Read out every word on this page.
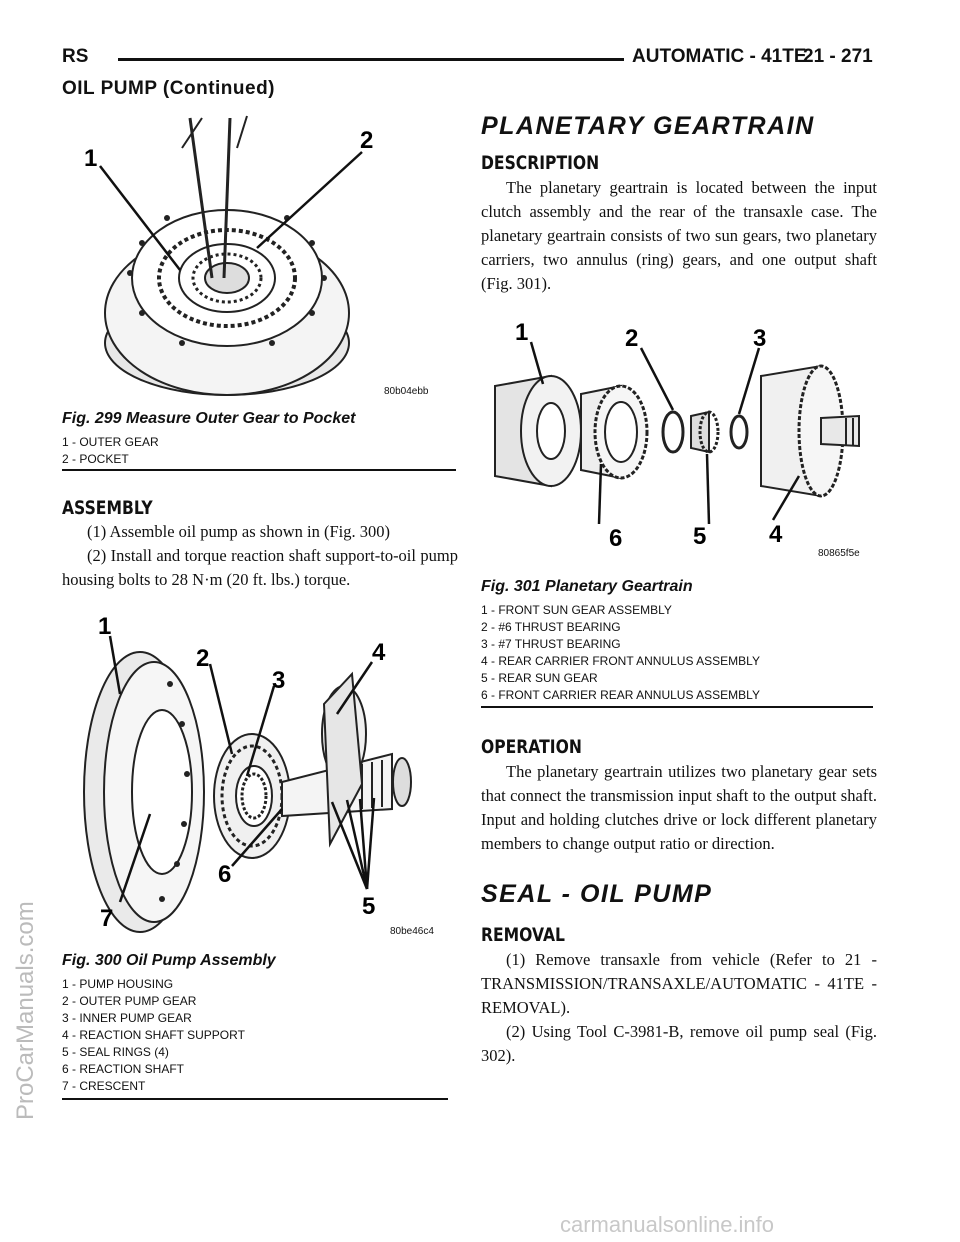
RS	AUTOMATIC - 41TE
21 - 271
OIL PUMP (Continued)
ProCarManuals.com
1
2
80b04ebb
Fig. 299 Measure Outer Gear to Pocket
1 - OUTER GEAR
2 - POCKET
ASSEMBLY

(1) Assemble oil pump as shown in (Fig. 300)

(2) Install and torque reaction shaft support-to-oil pump housing bolts to 28 N·m (20 ft. lbs.) torque.

1
2
3
4
5
6
7	80be46c4
Fig. 300 Oil Pump Assembly
1 - PUMP HOUSING
2 - OUTER PUMP GEAR
3 - INNER PUMP GEAR
4 - REACTION SHAFT SUPPORT
5 - SEAL RINGS (4)
6 - REACTION SHAFT
7 - CRESCENT
PLANETARY GEARTRAIN
DESCRIPTION

The planetary geartrain is located between the input clutch assembly and the rear of the transaxle case. The planetary geartrain consists of two sun gears, two planetary carriers, two annulus (ring) gears, and one output shaft (Fig. 301).

1	2	3
4
5
6
80865f5e
Fig. 301 Planetary Geartrain
1 - FRONT SUN GEAR ASSEMBLY
2 - #6 THRUST BEARING
3 - #7 THRUST BEARING
4 - REAR CARRIER FRONT ANNULUS ASSEMBLY
5 - REAR SUN GEAR
6 - FRONT CARRIER REAR ANNULUS ASSEMBLY
OPERATION

The planetary geartrain utilizes two planetary gear sets that connect the transmission input shaft to the output shaft. Input and holding clutches drive or lock different planetary members to change output ratio or direction.

SEAL - OIL PUMP
REMOVAL

(1) Remove transaxle from vehicle (Refer to 21 - TRANSMISSION/TRANSAXLE/AUTOMATIC - 41TE - REMOVAL).

(2) Using Tool C-3981-B, remove oil pump seal (Fig. 302).

carmanualsonline.info
